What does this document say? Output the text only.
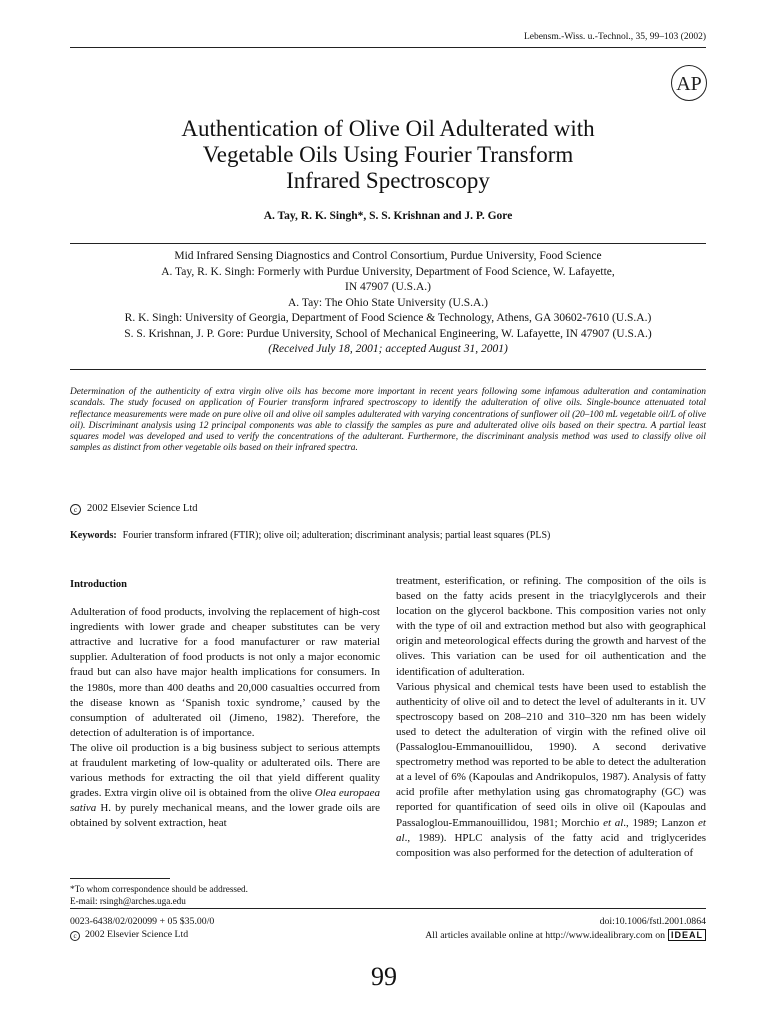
Lebensm.-Wiss. u.-Technol., 35, 99–103 (2002)
AP
Authentication of Olive Oil Adulterated with
Vegetable Oils Using Fourier Transform
Infrared Spectroscopy
A. Tay, R. K. Singh*, S. S. Krishnan and J. P. Gore
Mid Infrared Sensing Diagnostics and Control Consortium, Purdue University, Food Science
A. Tay, R. K. Singh: Formerly with Purdue University, Department of Food Science, W. Lafayette,
IN 47907 (U.S.A.)
A. Tay: The Ohio State University (U.S.A.)
R. K. Singh: University of Georgia, Department of Food Science & Technology, Athens, GA 30602-7610 (U.S.A.)
S. S. Krishnan, J. P. Gore: Purdue University, School of Mechanical Engineering, W. Lafayette, IN 47907 (U.S.A.)
(Received July 18, 2001; accepted August 31, 2001)
Determination of the authenticity of extra virgin olive oils has become more important in recent years following some infamous adulteration and contamination scandals. The study focused on application of Fourier transform infrared spectroscopy to identify the adulteration of olive oils. Single-bounce attenuated total reflectance measurements were made on pure olive oil and olive oil samples adulterated with varying concentrations of sunflower oil (20–100 mL vegetable oil/L of olive oil). Discriminant analysis using 12 principal components was able to classify the samples as pure and adulterated olive oils based on their spectra. A partial least squares model was developed and used to verify the concentrations of the adulterant. Furthermore, the discriminant analysis method was used to classify olive oil samples as distinct from other vegetable oils based on their infrared spectra.
c 2002 Elsevier Science Ltd
Keywords: Fourier transform infrared (FTIR); olive oil; adulteration; discriminant analysis; partial least squares (PLS)
Introduction

Adulteration of food products, involving the replacement of high-cost ingredients with lower grade and cheaper substitutes can be very attractive and lucrative for a food manufacturer or raw material supplier. Adulteration of food products is not only a major economic fraud but can also have major health implications for consumers. In the 1980s, more than 400 deaths and 20,000 casualties occurred from the disease known as ‘Spanish toxic syndrome,’ caused by the consumption of adulterated oil (Jimeno, 1982). Therefore, the detection of adulteration is of importance.

The olive oil production is a big business subject to serious attempts at fraudulent marketing of low-quality or adulterated oils. There are various methods for extracting the oil that yield different quality grades. Extra virgin olive oil is obtained from the olive Olea europaea sativa H. by purely mechanical means, and the lower grade oils are obtained by solvent extraction, heat

treatment, esterification, or refining. The composition of the oils is based on the fatty acids present in the triacylglycerols and their location on the glycerol backbone. This composition varies not only with the type of oil and extraction method but also with geographical origin and meteorological effects during the growth and harvest of the olives. This variation can be used for oil authentication and the identification of adulteration.

Various physical and chemical tests have been used to establish the authenticity of olive oil and to detect the level of adulterants in it. UV spectroscopy based on 208–210 and 310–320 nm has been widely used to detect the adulteration of virgin with the refined olive oil (Passaloglou-Emmanouillidou, 1990). A second derivative spectrometry method was reported to be able to detect the adulteration at a level of 6% (Kapoulas and Andrikopulos, 1987). Analysis of fatty acid profile after methylation using gas chromatography (GC) was reported for quantification of seed oils in olive oil (Kapoulas and Passaloglou-Emmanouillidou, 1981; Morchio et al., 1989; Lanzon et al., 1989). HPLC analysis of the fatty acid and triglycerides composition was also performed for the detection of adulteration of

*To whom correspondence should be addressed.
E-mail: rsingh@arches.uga.edu
0023-6438/02/020099 + 05 $35.00/0
c 2002 Elsevier Science Ltd
doi:10.1006/fstl.2001.0864
All articles available online at http://www.idealibrary.com on IDEAL
99
